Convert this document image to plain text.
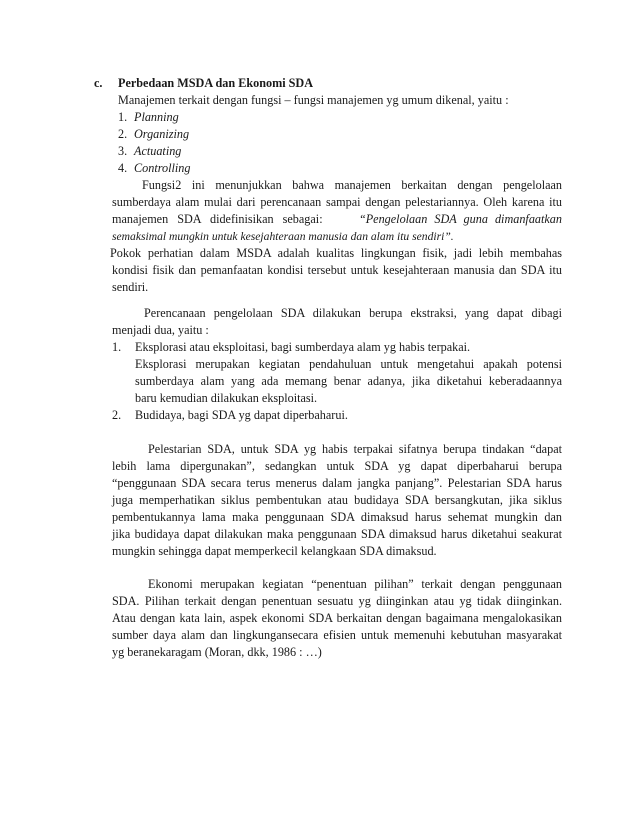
c. Perbedaan MSDA dan Ekonomi SDA
Manajemen terkait dengan fungsi – fungsi manajemen yg umum dikenal, yaitu :
1. Planning
2. Organizing
3. Actuating
4. Controlling
Fungsi2 ini menunjukkan bahwa manajemen berkaitan dengan pengelolaan
sumberdaya alam mulai dari perencanaan sampai dengan pelestariannya. Oleh karena itu
manajemen SDA didefinisikan sebagai:	“Pengelolaan SDA guna dimanfaatkan
semaksimal mungkin untuk kesejahteraan manusia dan alam itu sendiri”.
Pokok perhatian dalam MSDA adalah kualitas lingkungan fisik, jadi lebih membahas
kondisi fisik dan pemanfaatan kondisi tersebut untuk kesejahteraan manusia dan SDA itu
sendiri.
Perencanaan pengelolaan SDA dilakukan berupa ekstraksi, yang dapat dibagi
menjadi dua, yaitu :
1. Eksplorasi atau eksploitasi, bagi sumberdaya alam yg habis terpakai.
Eksplorasi merupakan kegiatan pendahuluan untuk mengetahui apakah potensi
sumberdaya alam yang ada memang benar adanya, jika diketahui keberadaannya
baru kemudian dilakukan eksploitasi.
2. Budidaya, bagi SDA yg dapat diperbaharui.
Pelestarian SDA, untuk SDA yg habis terpakai sifatnya berupa tindakan “dapat
lebih lama dipergunakan”, sedangkan untuk SDA yg dapat diperbaharui berupa
“penggunaan SDA secara terus menerus dalam jangka panjang”. Pelestarian SDA harus
juga memperhatikan siklus pembentukan atau budidaya SDA bersangkutan, jika siklus
pembentukannya lama maka penggunaan SDA dimaksud harus sehemat mungkin dan
jika budidaya dapat dilakukan maka penggunaan SDA dimaksud harus diketahui seakurat
mungkin sehingga dapat memperkecil kelangkaan SDA dimaksud.
Ekonomi merupakan kegiatan “penentuan pilihan” terkait dengan penggunaan
SDA. Pilihan terkait dengan penentuan sesuatu yg diinginkan atau yg tidak diinginkan.
Atau dengan kata lain, aspek ekonomi SDA berkaitan dengan bagaimana mengalokasikan
sumber daya alam dan lingkungansecara efisien untuk memenuhi kebutuhan masyarakat
yg beranekaragam (Moran, dkk, 1986 : …)
